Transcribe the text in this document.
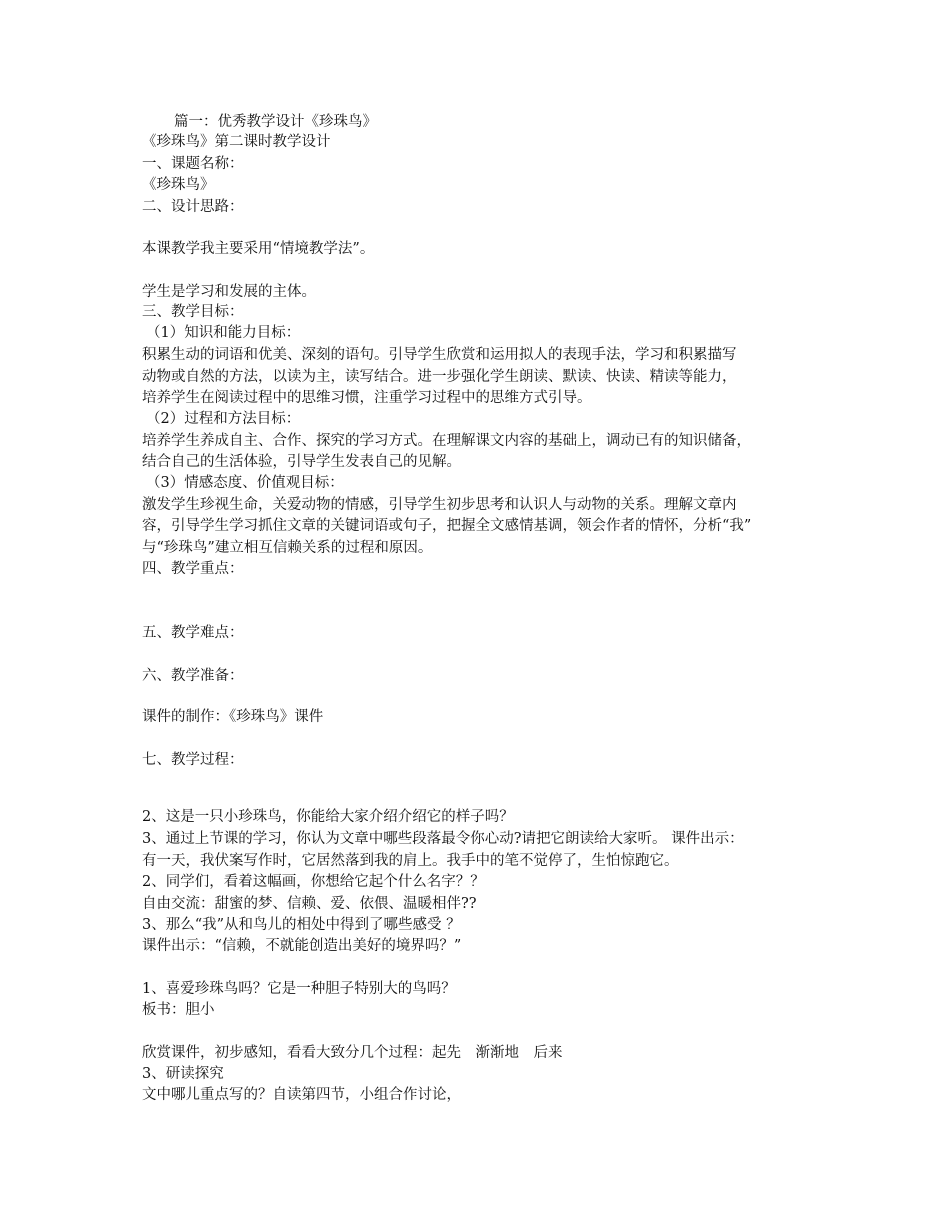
篇一：优秀教学设计《珍珠鸟》
《珍珠鸟》第二课时教学设计
一、课题名称：
《珍珠鸟》
二、设计思路：
本课教学我主要采用“情境教学法”。
学生是学习和发展的主体。
三、教学目标：
（1）知识和能力目标：
积累生动的词语和优美、深刻的语句。引导学生欣赏和运用拟人的表现手法，学习和积累描写
动物或自然的方法，以读为主，读写结合。进一步强化学生朗读、默读、快读、精读等能力，
培养学生在阅读过程中的思维习惯，注重学习过程中的思维方式引导。
（2）过程和方法目标：
培养学生养成自主、合作、探究的学习方式。在理解课文内容的基础上，调动已有的知识储备，
结合自己的生活体验，引导学生发表自己的见解。
（3）情感态度、价值观目标：
激发学生珍视生命，关爱动物的情感，引导学生初步思考和认识人与动物的关系。理解文章内
容，引导学生学习抓住文章的关键词语或句子，把握全文感情基调，领会作者的情怀，分析“我”
与“珍珠鸟”建立相互信赖关系的过程和原因。
四、教学重点：
五、教学难点：
六、教学准备：
课件的制作：《珍珠鸟》课件
七、教学过程：
2、这是一只小珍珠鸟，你能给大家介绍介绍它的样子吗？
3、通过上节课的学习，你认为文章中哪些段落最令你心动?请把它朗读给大家听。 课件出示：
有一天，我伏案写作时，它居然落到我的肩上。我手中的笔不觉停了，生怕惊跑它。
2、同学们，看着这幅画，你想给它起个什么名字？？
自由交流：甜蜜的梦、信赖、爱、依偎、温暖相伴??
3、那么“我”从和鸟儿的相处中得到了哪些感受 ？
课件出示：“信赖，不就能创造出美好的境界吗？”
1、喜爱珍珠鸟吗？它是一种胆子特别大的鸟吗？
板书：胆小
欣赏课件，初步感知，看看大致分几个过程：起先　渐渐地　后来
3、研读探究
文中哪儿重点写的？自读第四节，小组合作讨论，
